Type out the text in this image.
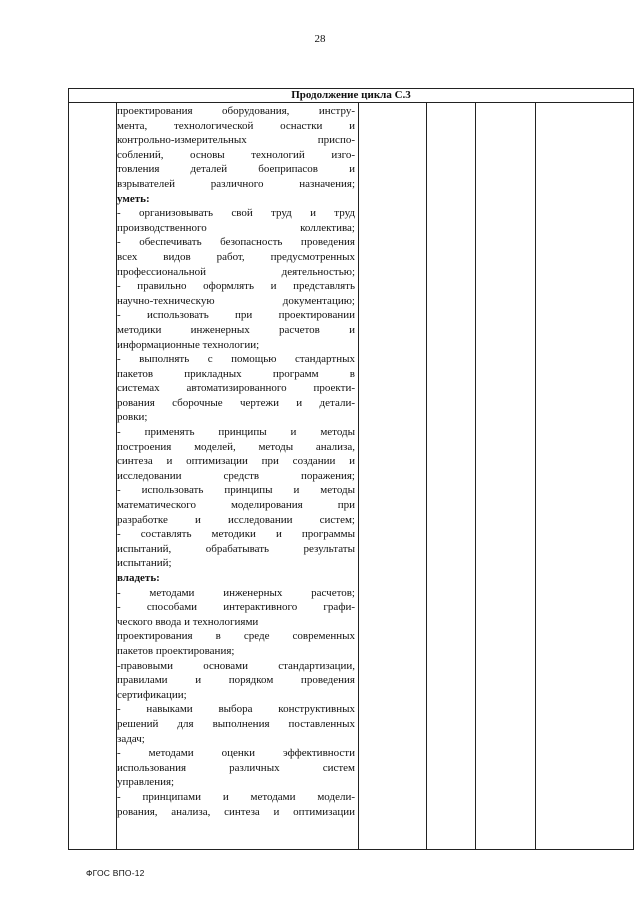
28
Продолжение цикла С.3

проектирования оборудования, инстру-

мента, технологической оснастки и

контрольно-измерительных приспо-

соблений, основы технологий изго-

товления деталей боеприпасов и

взрывателей различного назначения;

уметь:

- организовывать свой труд и труд

производственного коллектива;

- обеспечивать безопасность проведения

всех видов работ, предусмотренных

профессиональной деятельностью;

- правильно оформлять и представлять

научно-техническую документацию;

- использовать при проектировании

методики инженерных расчетов и

информационные технологии;

- выполнять с помощью стандартных

пакетов прикладных программ в

системах автоматизированного проекти-

рования сборочные чертежи и детали-

ровки;

- применять принципы и методы

построения моделей, методы анализа,

синтеза и оптимизации при создании и

исследовании средств поражения;

- использовать принципы и методы

математического моделирования при

разработке и исследовании систем;

- составлять методики и программы

испытаний, обрабатывать результаты

испытаний;

владеть:

- методами инженерных расчетов;

- способами интерактивного графи-

ческого ввода и технологиями

проектирования в среде современных

пакетов проектирования;

-правовыми основами стандартизации,

правилами и порядком проведения

сертификации;

- навыками выбора конструктивных

решений для выполнения поставленных

задач;

- методами оценки эффективности

использования различных систем

управления;

- принципами и методами модели-

рования, анализа, синтеза и оптимизации

ФГОС ВПО-12
